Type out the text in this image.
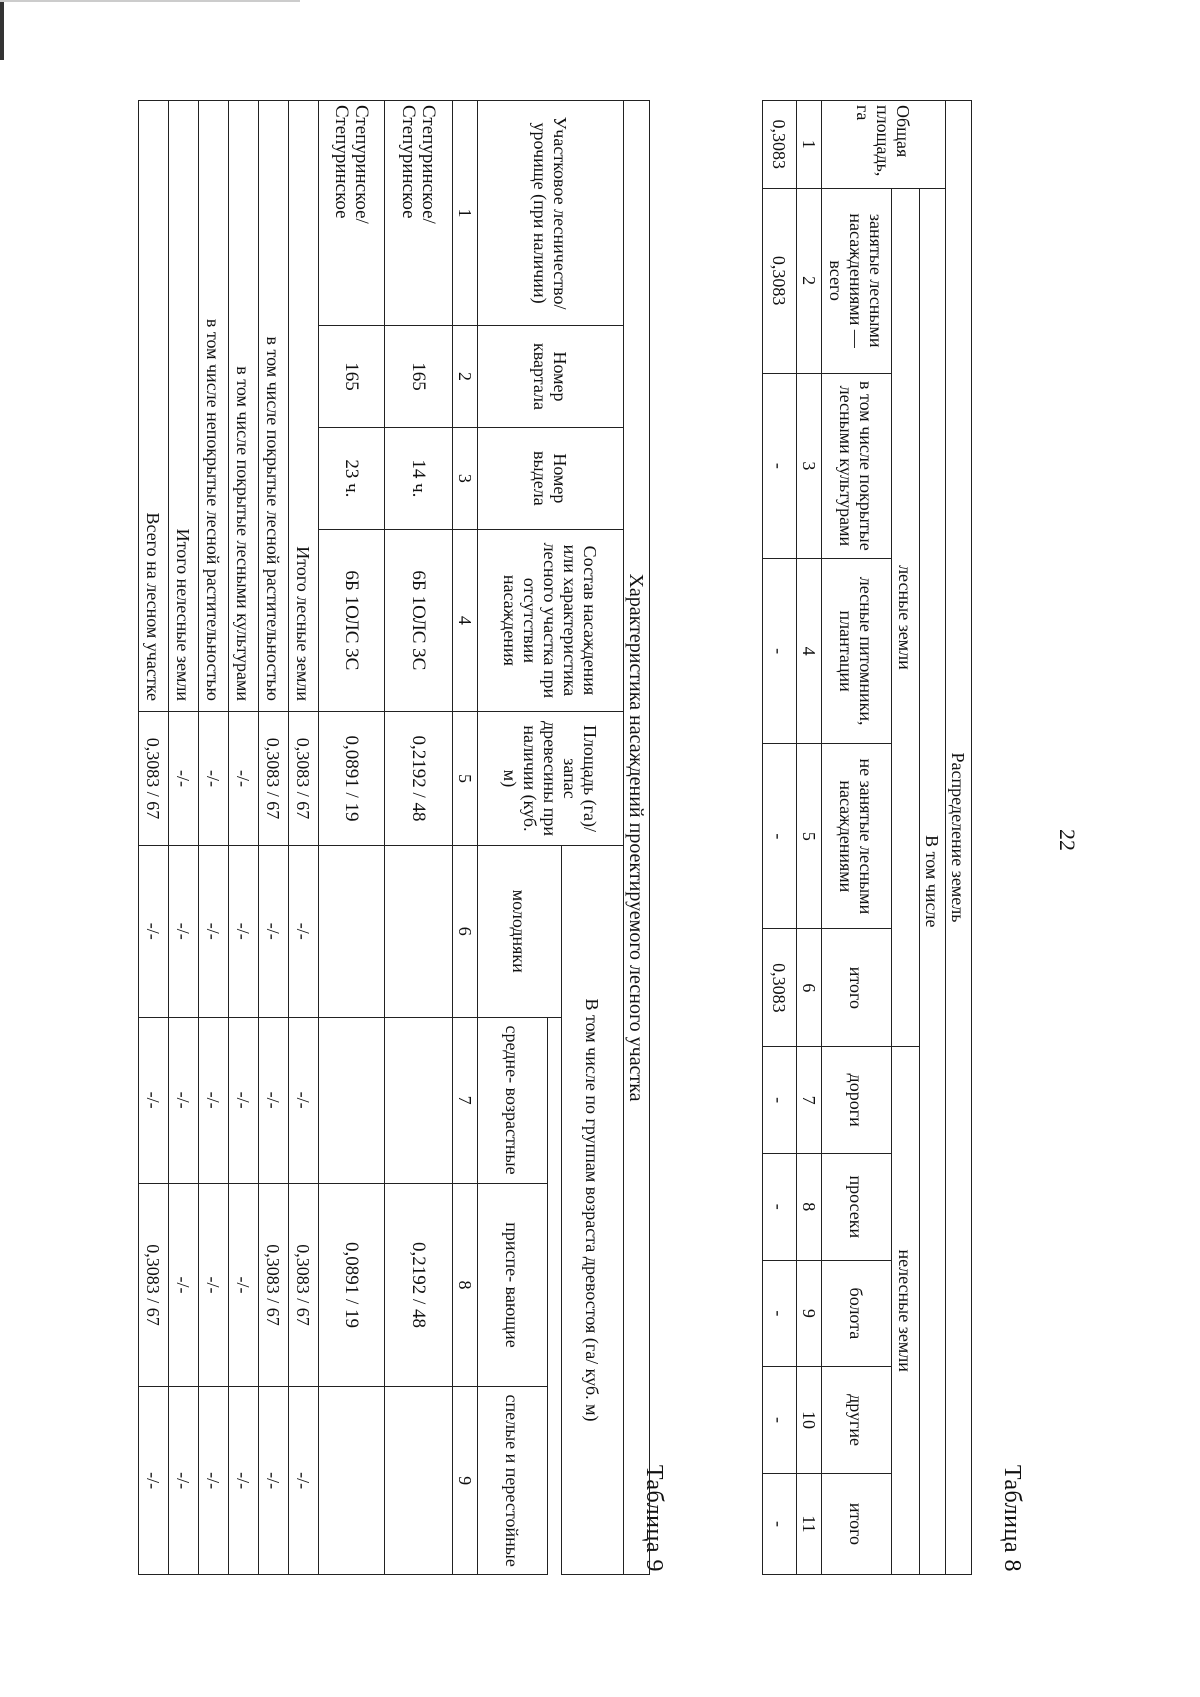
22
Таблица 8
Распределение земель										
Общая площадь, га	В том числе									
	лесные земли					нелесные земли				
	занятые лесными насаждениями — всего	в том числе покрытые лесными культурами	лесные питомники, плантации	не занятые лесными насаждениями	итого	дороги	просеки	болота	другие	итого
1	2	3	4	5	6	7	8	9	10	11
0,3083	0,3083	-	-	-	0,3083	-	-	-	-	-
Таблица 9
Характеристика насаждений проектируемого лесного участка								
Участковое лесничество/ урочище (при наличии)	Номер квартала	Номер выдела	Состав насаждения или характеристика лесного участка при отсутствии насаждения	Площадь (га)/запас древесины при наличии (куб. м)	В том числе по группам возраста древостоя (га/ куб. м)			
					молодняки			
						средне- возрастные	приспе- вающие	спелые и перестойные
1	2	3	4	5	6	7	8	9
Степуринское/ Степуринское	165	14 ч.	6Б 1ОЛС 3С	0,2192 / 48			0,2192 / 48	
Степуринское/ Степуринское	165	23 ч.	6Б 1ОЛС 3С	0,0891 / 19			0,0891 / 19	
Итого лесные земли				0,3083 / 67	-/-	-/-	0,3083 / 67	-/-
в том числе покрытые лесной растительностью				0,3083 / 67	-/-	-/-	0,3083 / 67	-/-
в том числе покрытые лесными культурами				-/-	-/-	-/-	-/-	-/-
в том числе непокрытые лесной растительностью				-/-	-/-	-/-	-/-	-/-
Итого нелесные земли				-/-	-/-	-/-	-/-	-/-
Всего на лесном участке				0,3083 / 67	-/-	-/-	0,3083 / 67	-/-
